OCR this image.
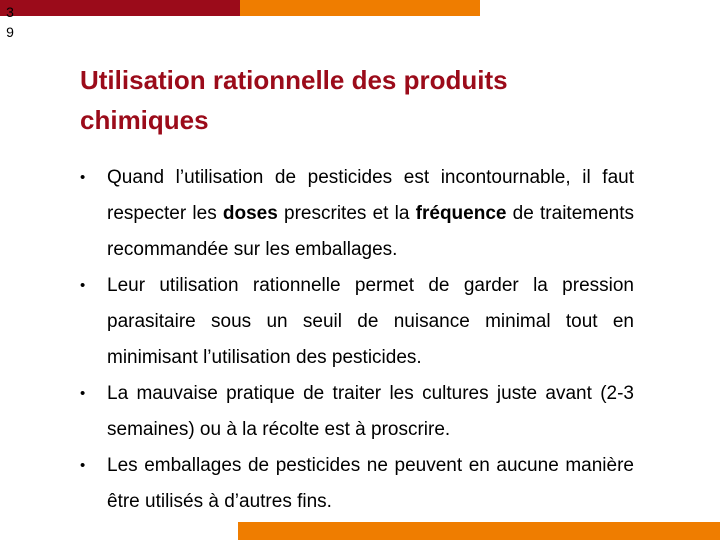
39
Utilisation rationnelle des produits chimiques
• Quand l’utilisation de pesticides est incontournable, il faut respecter les doses prescrites et la fréquence de traitements recommandée sur les emballages.
• Leur utilisation rationnelle permet de garder la pression parasitaire sous un seuil de nuisance minimal tout en minimisant l’utilisation des pesticides.
• La mauvaise pratique de traiter les cultures juste avant (2-3 semaines) ou à la récolte est à proscrire.
• Les emballages de pesticides ne peuvent en aucune manière être utilisés à d’autres fins.
